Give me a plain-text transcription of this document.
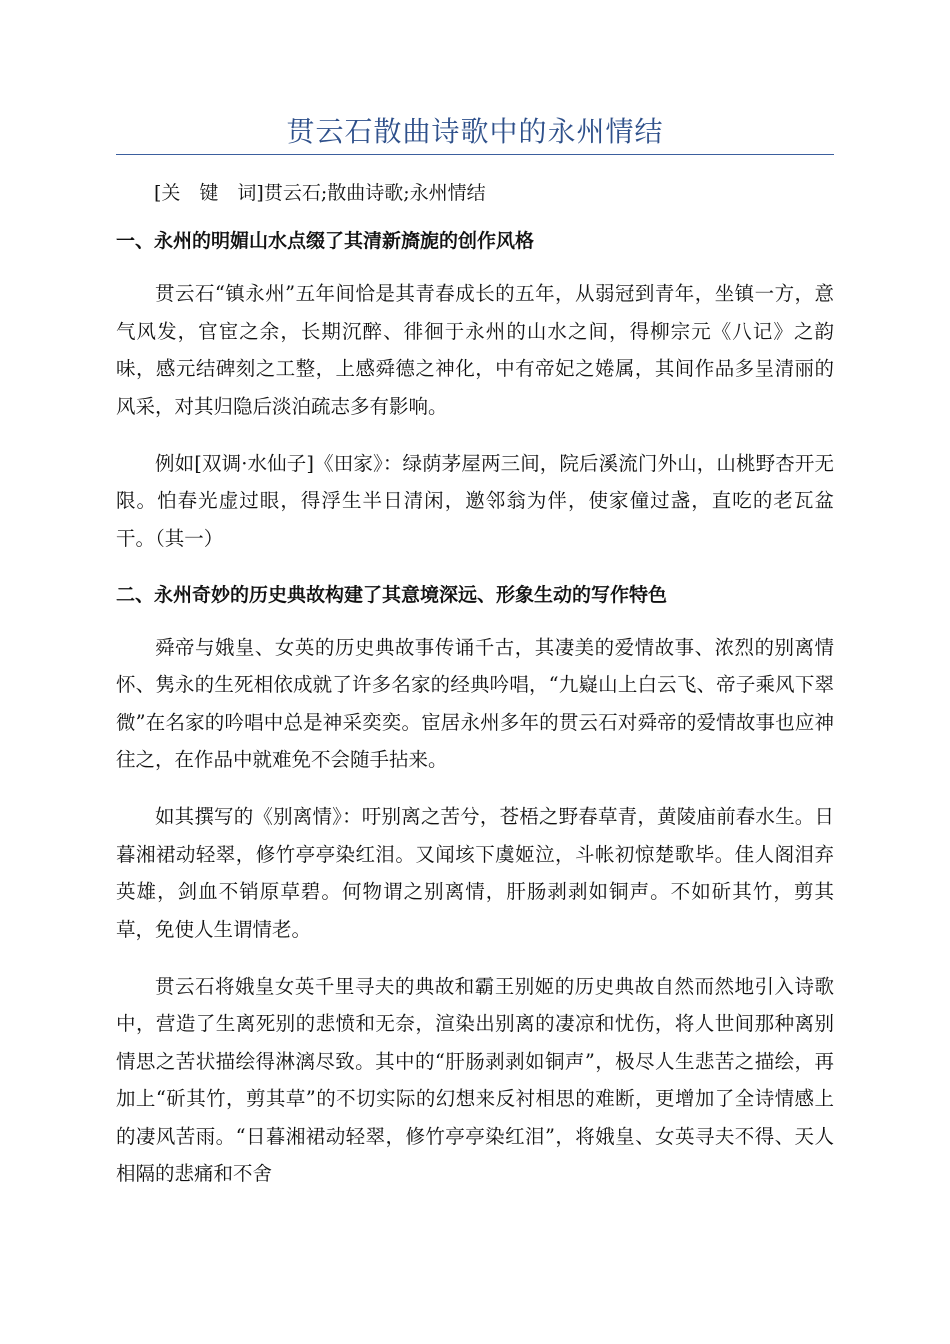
贯云石散曲诗歌中的永州情结
[关　键　词]贯云石;散曲诗歌;永州情结
一、永州的明媚山水点缀了其清新旖旎的创作风格

贯云石“镇永州”五年间恰是其青春成长的五年，从弱冠到青年，坐镇一方，意气风发，官宦之余，长期沉醉、徘徊于永州的山水之间，得柳宗元《八记》之韵味，感元结碑刻之工整，上感舜德之神化，中有帝妃之婘属，其间作品多呈清丽的风采，对其归隐后淡泊疏志多有影响。

例如[双调·水仙子]《田家》：绿荫茅屋两三间，院后溪流门外山，山桃野杏开无限。怕春光虚过眼，得浮生半日清闲，邀邻翁为伴，使家僮过盏，直吃的老瓦盆干。（其一）

二、永州奇妙的历史典故构建了其意境深远、形象生动的写作特色

舜帝与娥皇、女英的历史典故事传诵千古，其凄美的爱情故事、浓烈的别离情怀、隽永的生死相依成就了许多名家的经典吟唱，“九嶷山上白云飞、帝子乘风下翠微”在名家的吟唱中总是神采奕奕。宦居永州多年的贯云石对舜帝的爱情故事也应神往之，在作品中就难免不会随手拈来。

如其撰写的《别离情》：吁别离之苦兮，苍梧之野春草青，黄陵庙前春水生。日暮湘裙动轻翠，修竹亭亭染红泪。又闻垓下虞姬泣，斗帐初惊楚歌毕。佳人阁泪弃英雄，剑血不销原草碧。何物谓之别离情，肝肠剥剥如铜声。不如斫其竹，剪其草，免使人生谓情老。

贯云石将娥皇女英千里寻夫的典故和霸王别姬的历史典故自然而然地引入诗歌中，营造了生离死别的悲愤和无奈，渲染出别离的凄凉和忧伤，将人世间那种离别情思之苦状描绘得淋漓尽致。其中的“肝肠剥剥如铜声”，极尽人生悲苦之描绘，再加上“斫其竹，剪其草”的不切实际的幻想来反衬相思的难断，更增加了全诗情感上的凄风苦雨。“日暮湘裙动轻翠，修竹亭亭染红泪”，将娥皇、女英寻夫不得、天人相隔的悲痛和不舍
